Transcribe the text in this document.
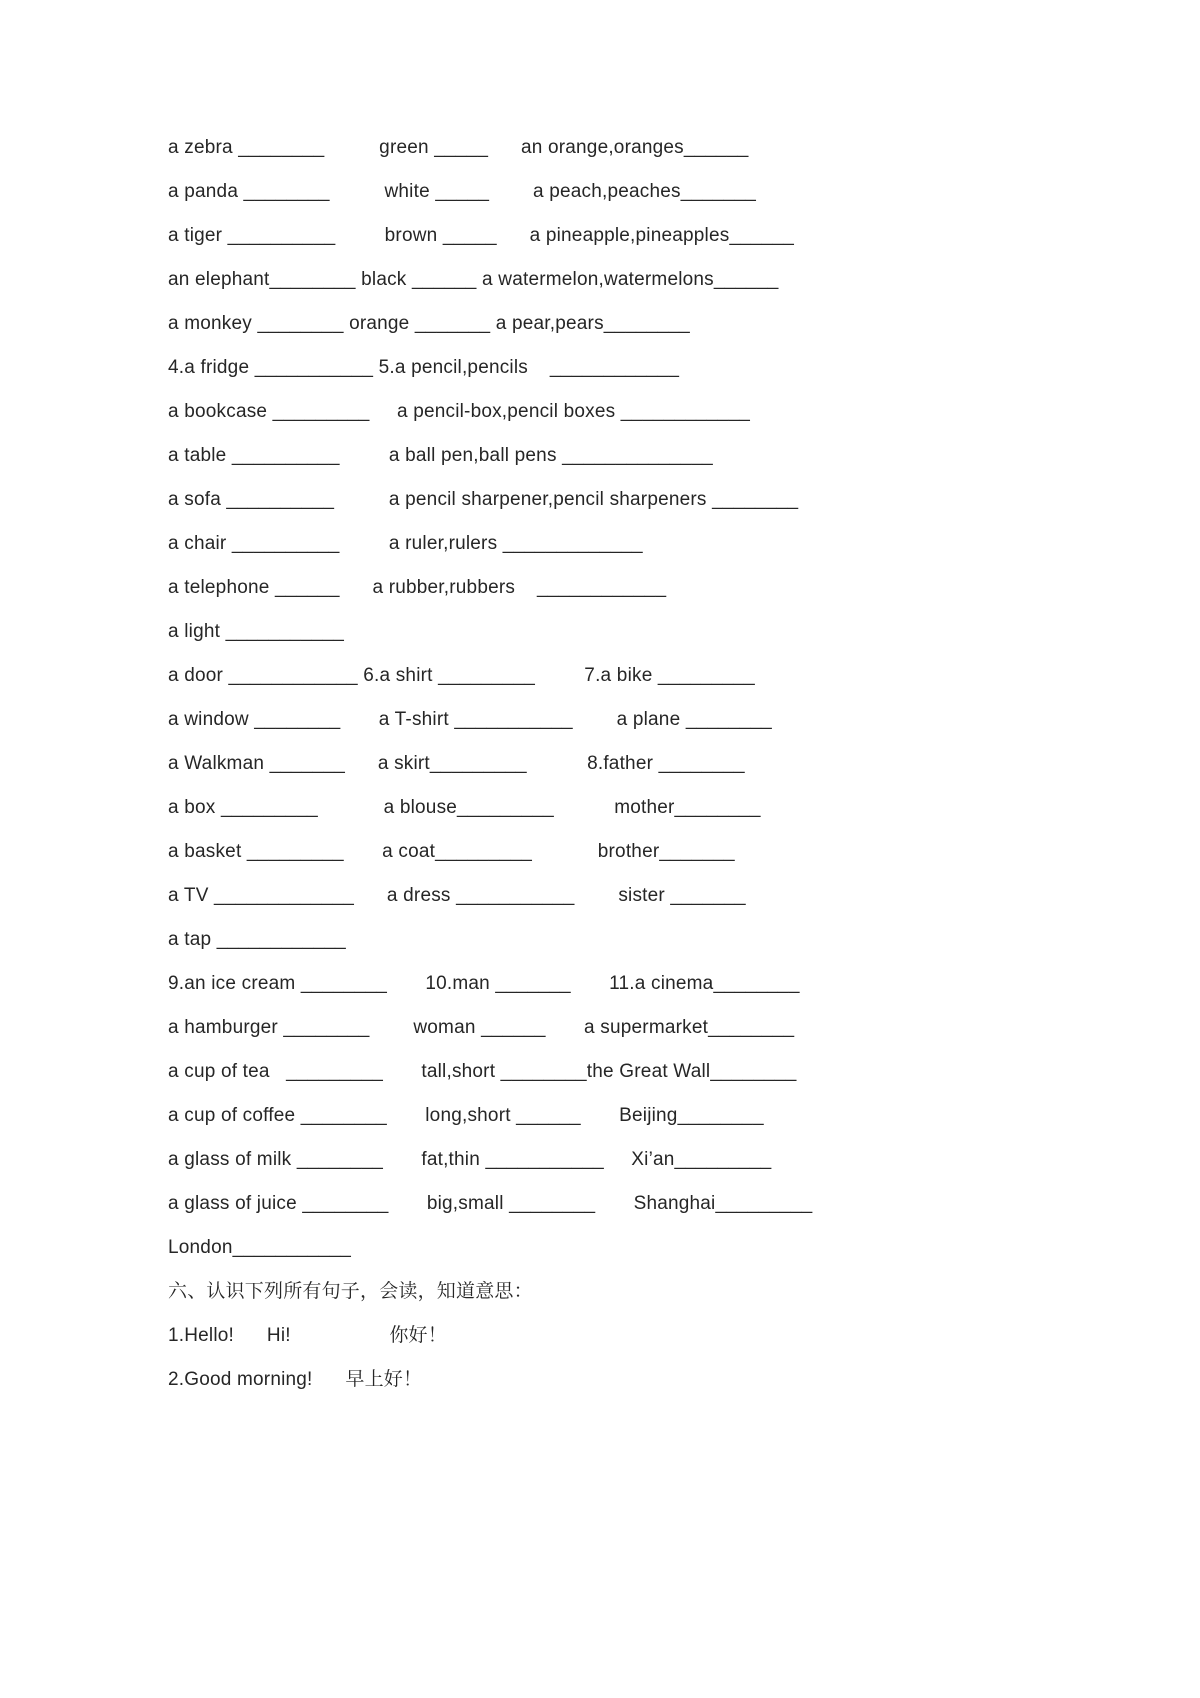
a zebra ________          green _____      an orange,oranges______

a panda ________          white _____        a peach,peaches_______

a tiger __________         brown _____      a pineapple,pineapples______

an elephant________ black ______ a watermelon,watermelons______

a monkey ________ orange _______ a pear,pears________

4.a fridge ___________ 5.a pencil,pencils    ____________

a bookcase _________     a pencil-box,pencil boxes ____________

a table __________         a ball pen,ball pens ______________

a sofa __________          a pencil sharpener,pencil sharpeners ________

a chair __________         a ruler,rulers _____________

a telephone ______      a rubber,rubbers    ____________

a light ___________

a door ____________ 6.a shirt _________         7.a bike _________

a window ________       a T-shirt ___________        a plane ________

a Walkman _______      a skirt_________           8.father ________

a box _________            a blouse_________           mother________

a basket _________       a coat_________            brother_______

a TV _____________      a dress ___________        sister _______

a tap ____________

9.an ice cream ________       10.man _______       11.a cinema________

a hamburger ________        woman ______       a supermarket________

a cup of tea   _________       tall,short ________the Great Wall________

a cup of coffee ________       long,short ______       Beijing________

a glass of milk ________       fat,thin ___________     Xi’an_________

a glass of juice ________       big,small ________       Shanghai_________

London___________

六、认识下列所有句子，会读，知道意思：

1.Hello!      Hi!                  你好！

2.Good morning!      早上好！
